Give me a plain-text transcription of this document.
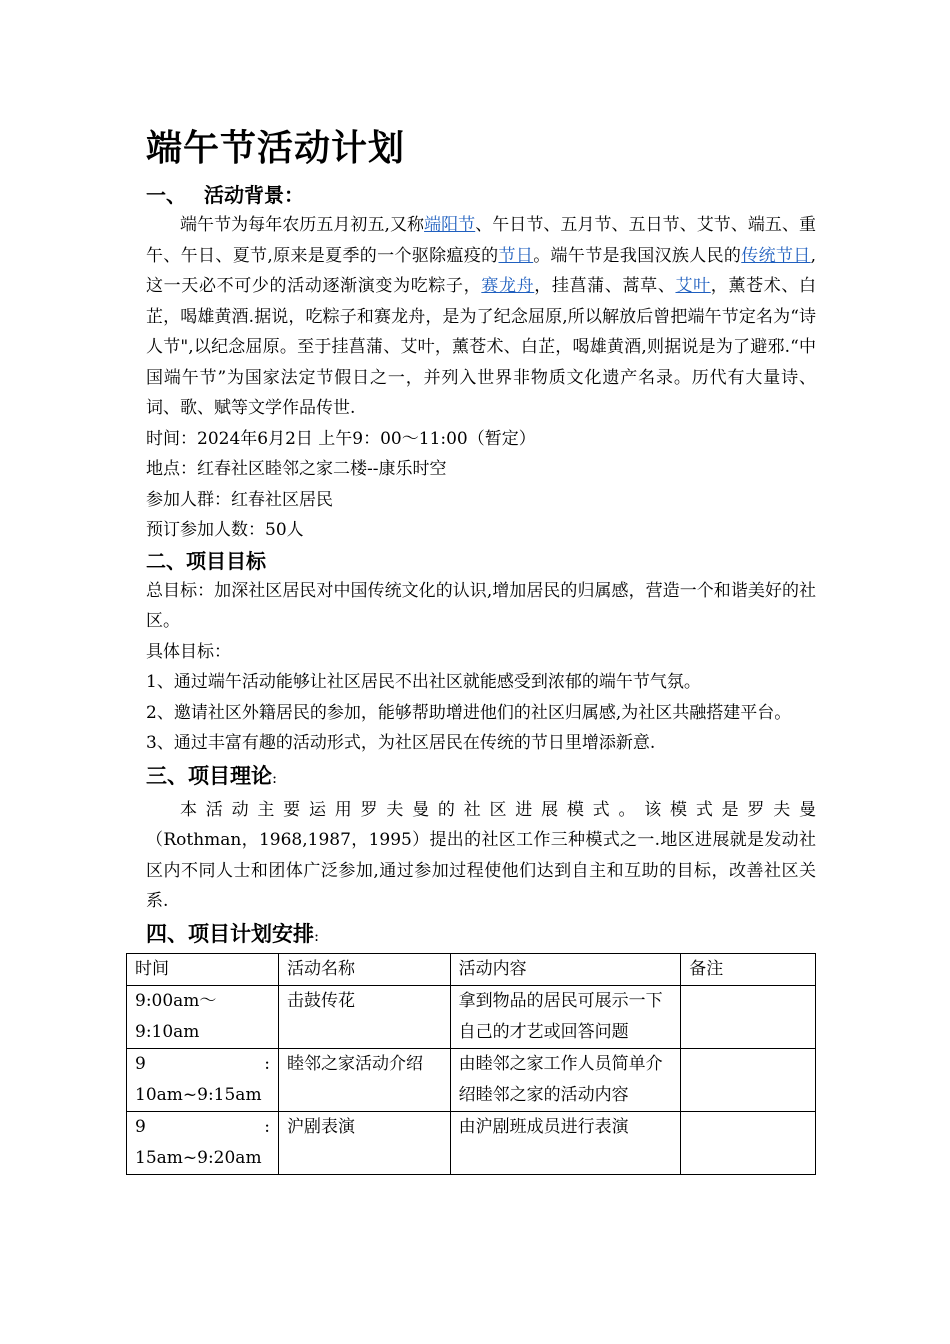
端午节活动计划
一、 活动背景：

端午节为每年农历五月初五,又称端阳节、午日节、五月节、五日节、艾节、端五、重午、午日、夏节,原来是夏季的一个驱除瘟疫的节日。端午节是我国汉族人民的传统节日,这一天必不可少的活动逐渐演变为吃粽子，赛龙舟，挂菖蒲、蒿草、艾叶，薰苍术、白芷，喝雄黄酒.据说，吃粽子和赛龙舟，是为了纪念屈原,所以解放后曾把端午节定名为“诗人节",以纪念屈原。至于挂菖蒲、艾叶，薰苍术、白芷，喝雄黄酒,则据说是为了避邪.“中国端午节”为国家法定节假日之一，并列入世界非物质文化遗产名录。历代有大量诗、词、歌、赋等文学作品传世.

时间：2024年6月2日 上午9：00～11:00（暂定）

地点：红春社区睦邻之家二楼--康乐时空

参加人群：红春社区居民

预订参加人数：50人

二、项目目标

总目标：加深社区居民对中国传统文化的认识,增加居民的归属感，营造一个和谐美好的社区。

具体目标：

1、通过端午活动能够让社区居民不出社区就能感受到浓郁的端午节气氛。

2、邀请社区外籍居民的参加，能够帮助增进他们的社区归属感,为社区共融搭建平台。

3、通过丰富有趣的活动形式，为社区居民在传统的节日里增添新意.

三、项目理论:

本活动主要运用罗夫曼的社区进展模式。该模式是罗夫曼

（Rothman，1968,1987，1995）提出的社区工作三种模式之一.地区进展就是发动社区内不同人士和团体广泛参加,通过参加过程使他们达到自主和互助的目标，改善社区关系.

四、项目计划安排:
时间	活动名称	活动内容	备注
9:00am～9:10am	击鼓传花	拿到物品的居民可展示一下自己的才艺或回答问题	

9 :
10am~9:15am	睦邻之家活动介绍	由睦邻之家工作人员简单介绍睦邻之家的活动内容	

9 :
15am~9:20am	沪剧表演	由沪剧班成员进行表演	
